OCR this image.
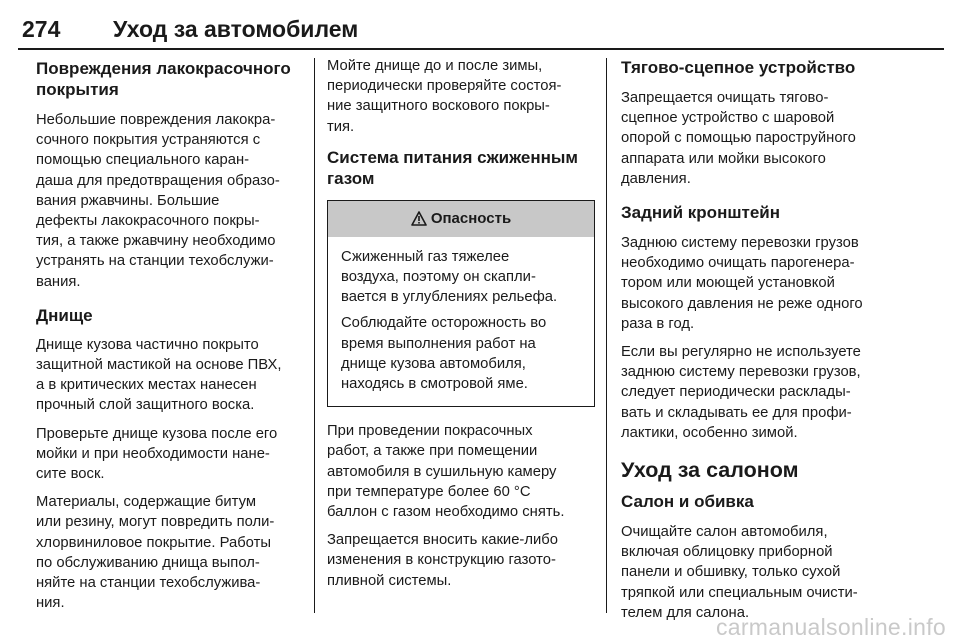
274 Уход за автомобилем
Повреждения лакокрасочного
покрытия
Небольшие повреждения лакокра-
сочного покрытия устраняются с
помощью специального каран-
даша для предотвращения образо-
вания ржавчины. Большие
дефекты лакокрасочного покры-
тия, а также ржавчину необходимо
устранять на станции техобслужи-
вания.
Днище
Днище кузова частично покрыто
защитной мастикой на основе ПВХ,
а в критических местах нанесен
прочный слой защитного воска.
Проверьте днище кузова после его
мойки и при необходимости нане-
сите воск.
Материалы, содержащие битум
или резину, могут повредить поли-
хлорвиниловое покрытие. Работы
по обслуживанию днища выпол-
няйте на станции техобслужива-
ния.
Мойте днище до и после зимы,
периодически проверяйте состоя-
ние защитного воскового покры-
тия.
Система питания сжиженным
газом
Опасность
Сжиженный газ тяжелее
воздуха, поэтому он скапли-
вается в углублениях рельефа.
Соблюдайте осторожность во
время выполнения работ на
днище кузова автомобиля,
находясь в смотровой яме.
При проведении покрасочных
работ, а также при помещении
автомобиля в сушильную камеру
при температуре более 60 °C
баллон с газом необходимо снять.
Запрещается вносить какие-либо
изменения в конструкцию газото-
пливной системы.
Тягово-сцепное устройство
Запрещается очищать тягово-
сцепное устройство с шаровой
опорой с помощью пароструйного
аппарата или мойки высокого
давления.
Задний кронштейн
Заднюю систему перевозки грузов
необходимо очищать парогенера-
тором или моющей установкой
высокого давления не реже одного
раза в год.
Если вы регулярно не используете
заднюю систему перевозки грузов,
следует периодически расклады-
вать и складывать ее для профи-
лактики, особенно зимой.
Уход за салоном
Салон и обивка
Очищайте салон автомобиля,
включая облицовку приборной
панели и обшивку, только сухой
тряпкой или специальным очисти-
телем для салона.
carmanualsonline.info
